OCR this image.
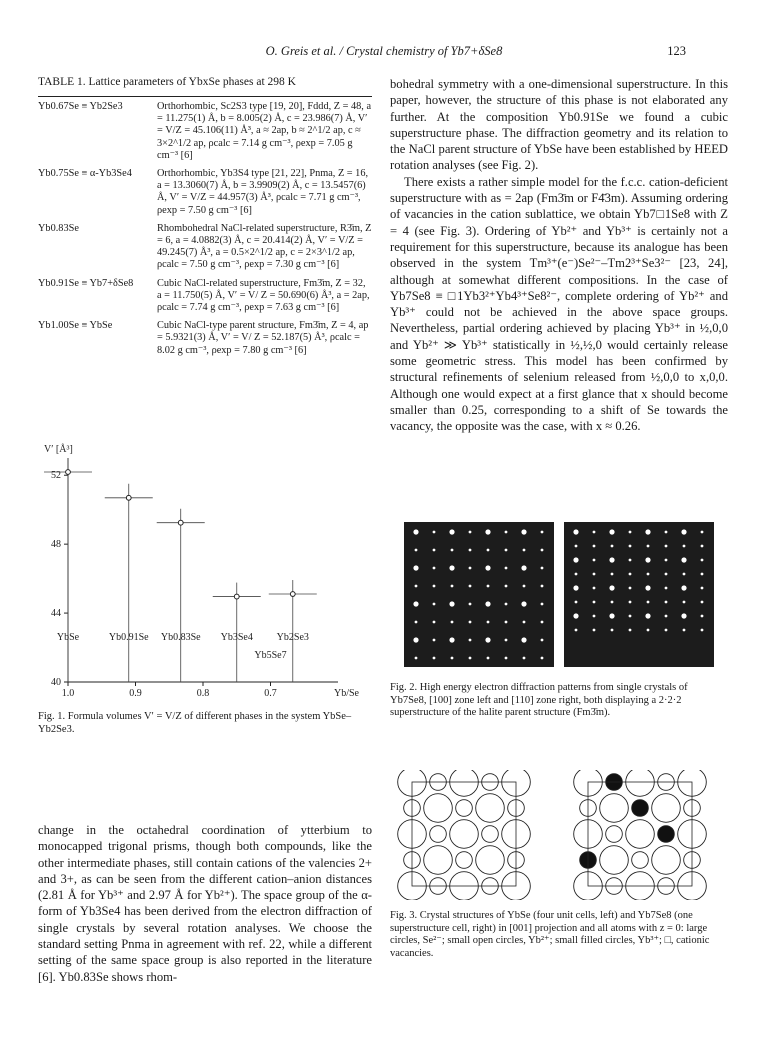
O. Greis et al. / Crystal chemistry of Yb7+δSe8	123
TABLE 1. Lattice parameters of YbxSe phases at 298 K
Yb0.67Se ≡ Yb2Se3	Orthorhombic, Sc2S3 type [19, 20], Fddd, Z = 48, a = 11.275(1) Å, b = 8.005(2) Å, c = 23.986(7) Å, V′ = V/Z = 45.106(11) Å³, a ≈ 2ap, b ≈ 2^1/2 ap, c ≈ 3×2^1/2 ap, ρcalc = 7.14 g cm⁻³, ρexp = 7.05 g cm⁻³ [6]
Yb0.75Se ≡ α-Yb3Se4	Orthorhombic, Yb3S4 type [21, 22], Pnma, Z = 16, a = 13.3060(7) Å, b = 3.9909(2) Å, c = 13.5457(6) Å, V′ = V/Z = 44.957(3) Å³, ρcalc = 7.71 g cm⁻³, ρexp = 7.50 g cm⁻³ [6]
Yb0.83Se	Rhombohedral NaCl-related superstructure, R3̄m, Z = 6, a = 4.0882(3) Å, c = 20.414(2) Å, V′ = V/Z = 49.245(7) Å³, a = 0.5×2^1/2 ap, c = 2×3^1/2 ap, ρcalc = 7.50 g cm⁻³, ρexp = 7.30 g cm⁻³ [6]
Yb0.91Se ≡ Yb7+δSe8	Cubic NaCl-related superstructure, Fm3̄m, Z = 32, a = 11.750(5) Å, V′ = V/ Z = 50.690(6) Å³, a = 2ap, ρcalc = 7.74 g cm⁻³, ρexp = 7.63 g cm⁻³ [6]
Yb1.00Se ≡ YbSe	Cubic NaCl-type parent structure, Fm3̄m, Z = 4, ap = 5.9321(3) Å, V′ = V/ Z = 52.187(5) Å³, ρcalc = 8.02 g cm⁻³, ρexp = 7.80 g cm⁻³ [6]
40
44
48
52
1.0	0.9	0.8	0.7
V′ [Å³]
Yb/Se
YbSe	Yb0.91Se Yb0.83Se Yb3Se4 Yb2Se3
Yb5Se7
Fig. 1. Formula volumes V′ = V/Z of different phases in the system YbSe–Yb2Se3.

change in the octahedral coordination of ytterbium to monocapped trigonal prisms, though both compounds, like the other intermediate phases, still contain cations of the valencies 2+ and 3+, as can be seen from the different cation–anion distances (2.81 Å for Yb³⁺ and 2.97 Å for Yb²⁺). The space group of the α-form of Yb3Se4 has been derived from the electron diffraction of single crystals by several rotation analyses. We choose the standard setting Pnma in agreement with ref. 22, while a different setting of the same space group is also reported in the literature [6]. Yb0.83Se shows rhom-

bohedral symmetry with a one-dimensional superstructure. In this paper, however, the structure of this phase is not elaborated any further. At the composition Yb0.91Se we found a cubic superstructure phase. The diffraction geometry and its relation to the NaCl parent structure of YbSe have been established by HEED rotation analyses (see Fig. 2).

There exists a rather simple model for the f.c.c. cation-deficient superstructure with as = 2ap (Fm3̄m or F4̄3m). Assuming ordering of vacancies in the cation sublattice, we obtain Yb7□1Se8 with Z = 4 (see Fig. 3). Ordering of Yb²⁺ and Yb³⁺ is certainly not a requirement for this superstructure, because its analogue has been observed in the system Tm³⁺(e⁻)Se²⁻–Tm2³⁺Se3²⁻ [23, 24], although at somewhat different compositions. In the case of Yb7Se8 ≡ □1Yb3²⁺Yb4³⁺Se8²⁻, complete ordering of Yb²⁺ and Yb³⁺ could not be achieved in the above space groups. Nevertheless, partial ordering achieved by placing Yb³⁺ in ½,0,0 and Yb²⁺ ≫ Yb³⁺ statistically in ½,½,0 would certainly release some geometric stress. This model has been confirmed by structural refinements of selenium released from ½,0,0 to x,0,0. Although one would expect at a first glance that x should become smaller than 0.25, corresponding to a shift of Se towards the vacancy, the opposite was the case, with x ≈ 0.26.

Fig. 2. High energy electron diffraction patterns from single crystals of Yb7Se8, [100] zone left and [110] zone right, both displaying a 2·2·2 superstructure of the halite parent structure (Fm3̄m).
Fig. 3. Crystal structures of YbSe (four unit cells, left) and Yb7Se8 (one superstructure cell, right) in [001] projection and all atoms with z = 0: large circles, Se²⁻; small open circles, Yb²⁺; small filled circles, Yb³⁺; □, cationic vacancies.
